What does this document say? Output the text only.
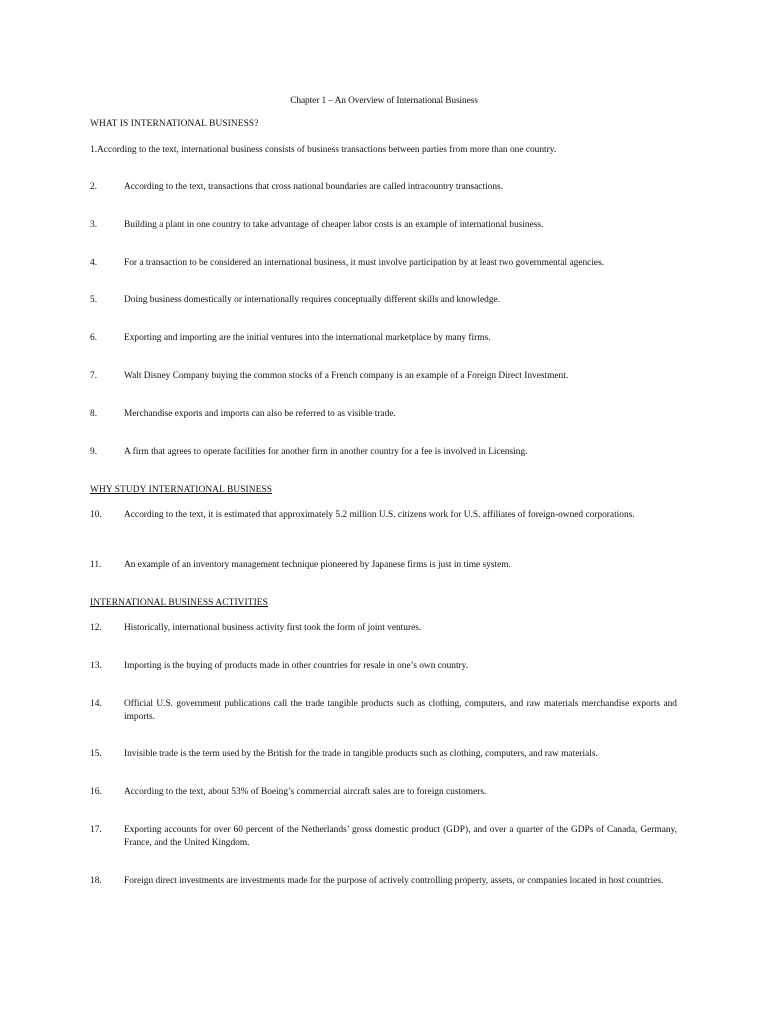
Chapter 1 – An Overview of International Business
WHAT IS INTERNATIONAL BUSINESS?
1.According to the text, international business consists of business transactions between parties from more than one country.
2.	According to the text, transactions that cross national boundaries are called intracountry transactions.
3.	Building a plant in one country to take advantage of cheaper labor costs is an example of international business.
4.	For a transaction to be considered an international business, it must involve participation by at least two governmental agencies.
5.	Doing business domestically or internationally requires conceptually different skills and knowledge.
6.	Exporting and importing are the initial ventures into the international marketplace by many firms.
7.	Walt Disney Company buying the common stocks of a French company is an example of a Foreign Direct Investment.
8.	Merchandise exports and imports can also be referred to as visible trade.
9.	A firm that agrees to operate facilities for another firm in another country for a fee is involved in Licensing.
WHY STUDY INTERNATIONAL BUSINESS
10. According to the text, it is estimated that approximately 5.2 million U.S. citizens work for U.S. affiliates of foreign-owned corporations.
11. An example of an inventory management technique pioneered by Japanese firms is just in time system.
INTERNATIONAL BUSINESS ACTIVITIES
12. Historically, international business activity first took the form of joint ventures.
13. Importing is the buying of products made in other countries for resale in one’s own country.
14. Official U.S. government publications call the trade tangible products such as clothing, computers, and raw materials merchandise exports and imports.
15. Invisible trade is the term used by the British for the trade in tangible products such as clothing, computers, and raw materials.
16. According to the text, about 53% of Boeing’s commercial aircraft sales are to foreign customers.
17. Exporting accounts for over 60 percent of the Netherlands’ gross domestic product (GDP), and over a quarter of the GDPs of Canada, Germany, France, and the United Kingdom.
18. Foreign direct investments are investments made for the purpose of actively controlling property, assets, or companies located in host countries.
